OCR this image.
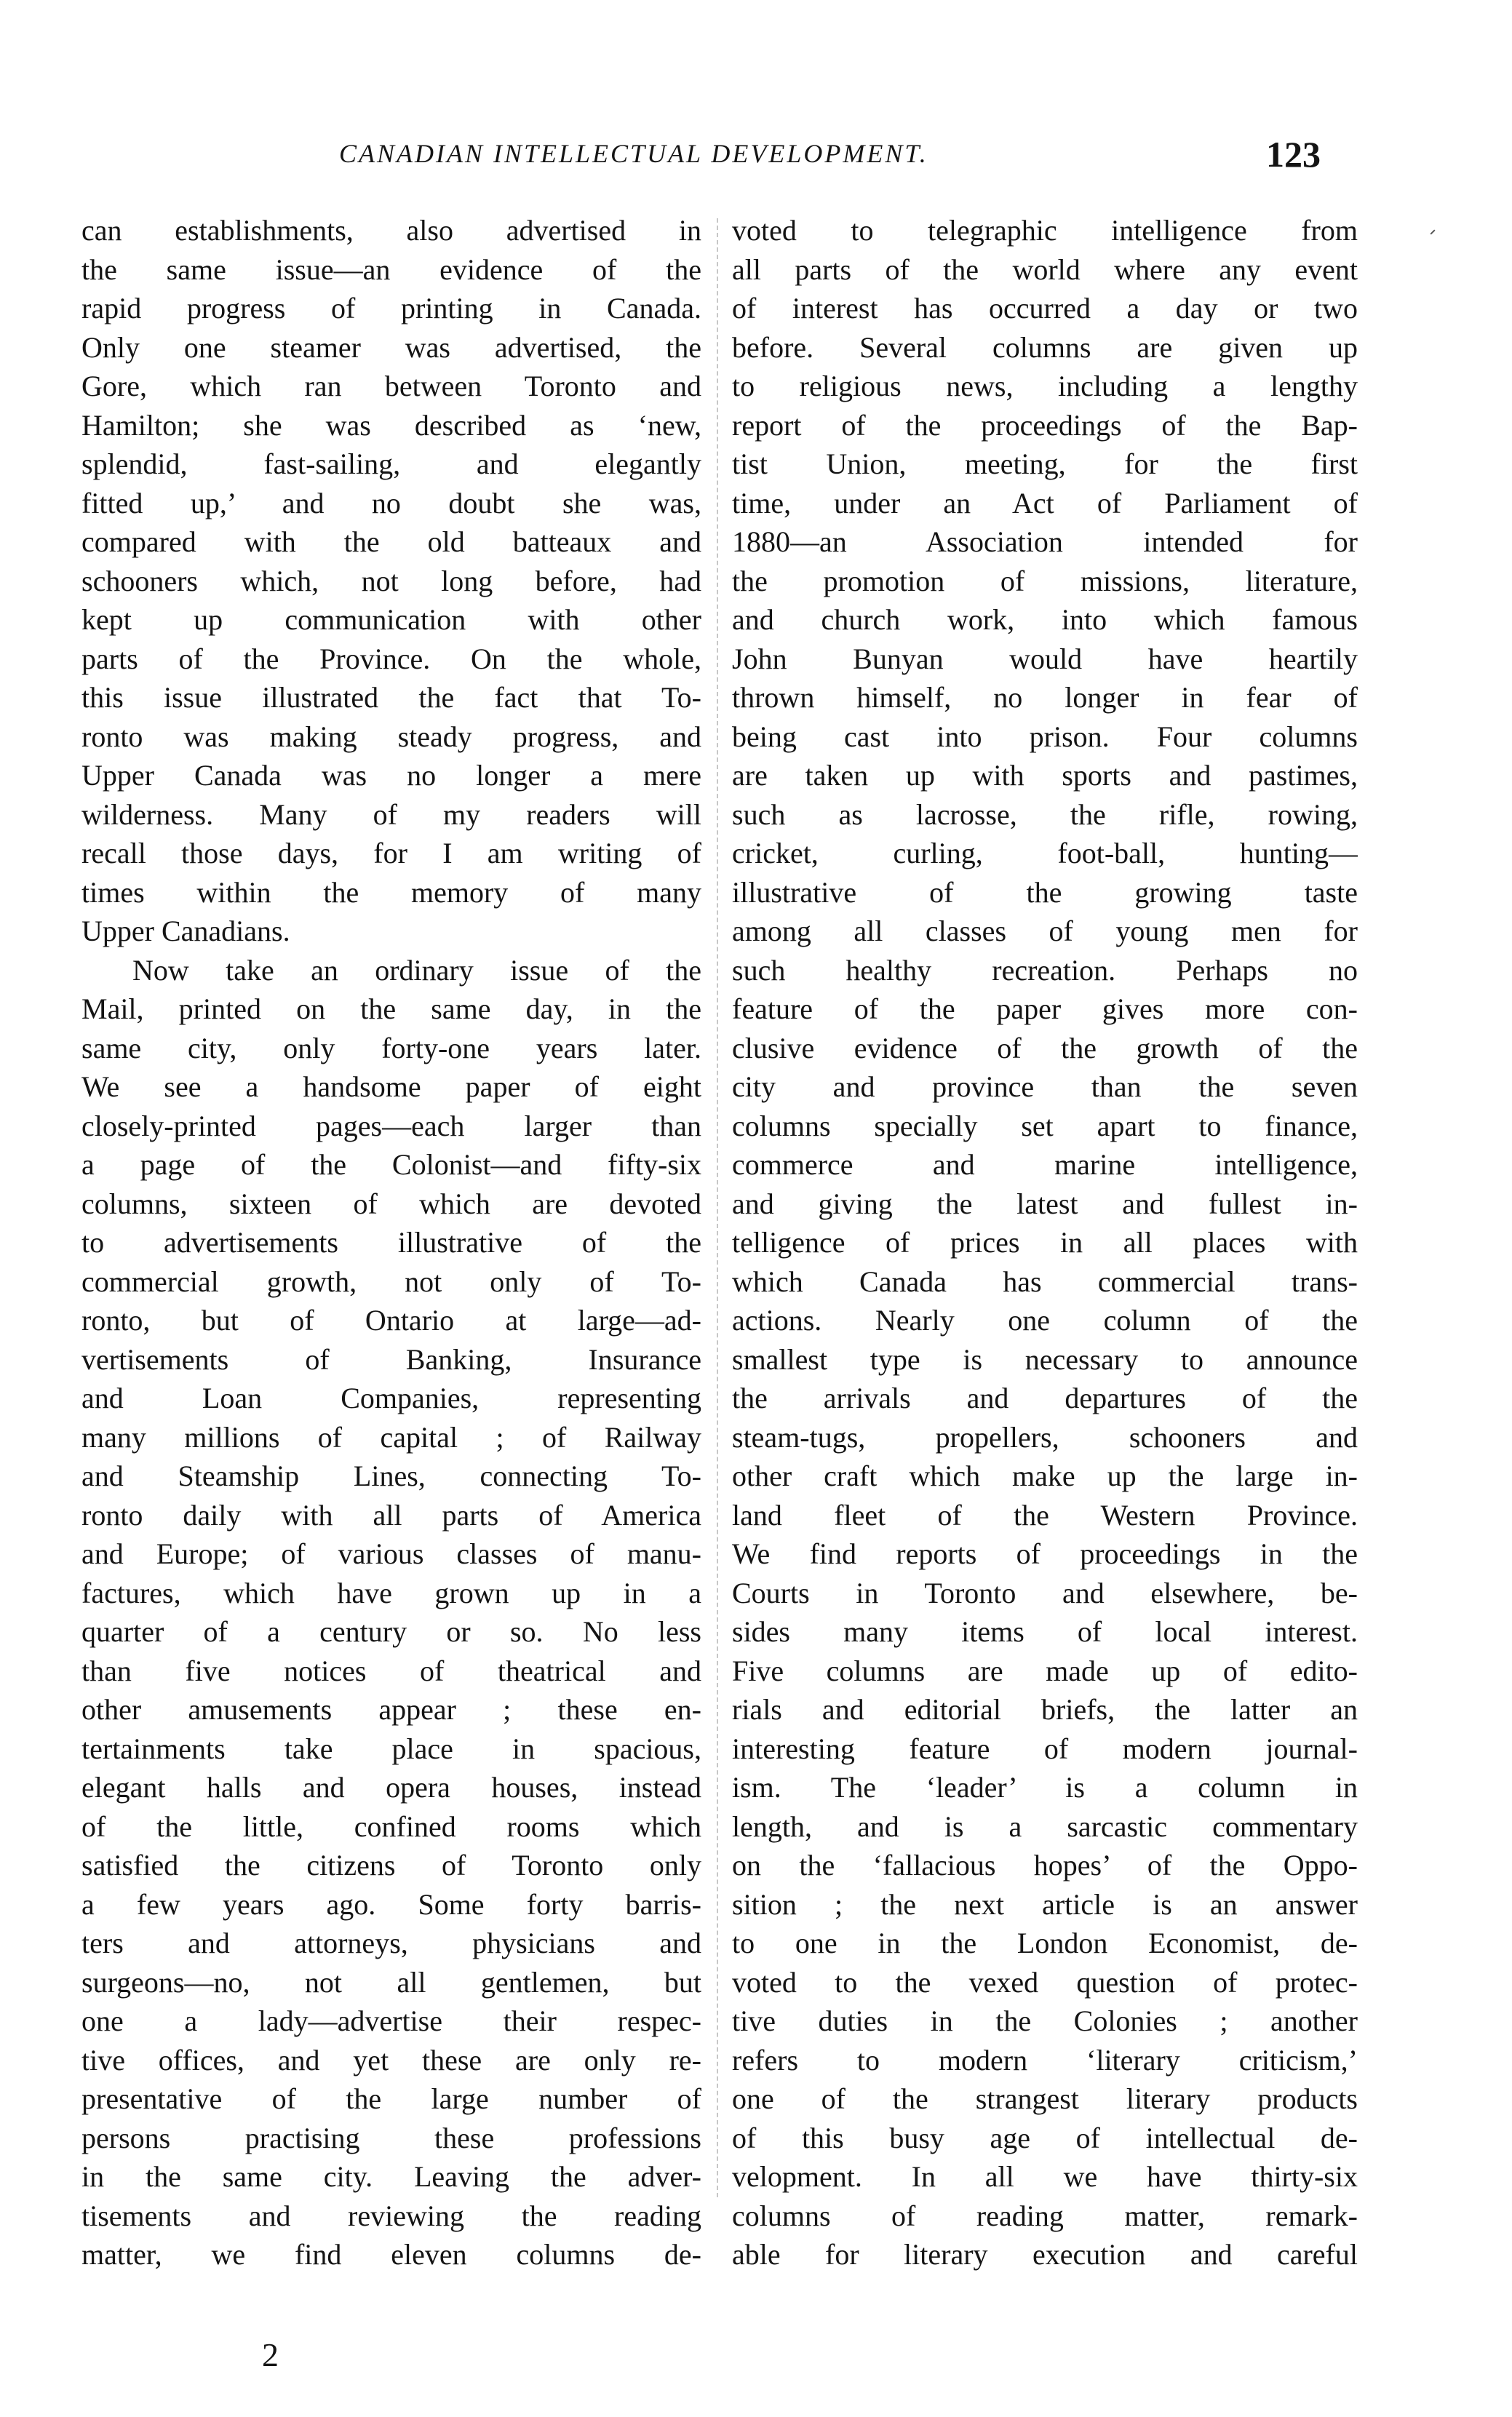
CANADIAN INTELLECTUAL DEVELOPMENT.	123
can establishments, also advertised in
the same issue—an evidence of the
rapid progress of printing in Canada.
Only one steamer was advertised, the
Gore, which ran between Toronto and
Hamilton; she was described as ‘new,
splendid, fast-sailing, and elegantly
fitted up,’ and no doubt she was,
compared with the old batteaux and
schooners which, not long before, had
kept up communication with other
parts of the Province. On the whole,
this issue illustrated the fact that To-
ronto was making steady progress, and
Upper Canada was no longer a mere
wilderness. Many of my readers will
recall those days, for I am writing of
times within the memory of many
Upper Canadians.
Now take an ordinary issue of the
Mail, printed on the same day, in the
same city, only forty-one years later.
We see a handsome paper of eight
closely-printed pages—each larger than
a page of the Colonist—and fifty-six
columns, sixteen of which are devoted
to advertisements illustrative of the
commercial growth, not only of To-
ronto, but of Ontario at large—ad-
vertisements of Banking, Insurance
and Loan Companies, representing
many millions of capital ; of Railway
and Steamship Lines, connecting To-
ronto daily with all parts of America
and Europe; of various classes of manu-
factures, which have grown up in a
quarter of a century or so. No less
than five notices of theatrical and
other amusements appear ; these en-
tertainments take place in spacious,
elegant halls and opera houses, instead
of the little, confined rooms which
satisfied the citizens of Toronto only
a few years ago. Some forty barris-
ters and attorneys, physicians and
surgeons—no, not all gentlemen, but
one a lady—advertise their respec-
tive offices, and yet these are only re-
presentative of the large number of
persons practising these professions
in the same city. Leaving the adver-
tisements and reviewing the reading
matter, we find eleven columns de-
voted to telegraphic intelligence from
all parts of the world where any event
of interest has occurred a day or two
before. Several columns are given up
to religious news, including a lengthy
report of the proceedings of the Bap-
tist Union, meeting, for the first
time, under an Act of Parliament of
1880—an Association intended for
the promotion of missions, literature,
and church work, into which famous
John Bunyan would have heartily
thrown himself, no longer in fear of
being cast into prison. Four columns
are taken up with sports and pastimes,
such as lacrosse, the rifle, rowing,
cricket, curling, foot-ball, hunting—
illustrative of the growing taste
among all classes of young men for
such healthy recreation. Perhaps no
feature of the paper gives more con-
clusive evidence of the growth of the
city and province than the seven
columns specially set apart to finance,
commerce and marine intelligence,
and giving the latest and fullest in-
telligence of prices in all places with
which Canada has commercial trans-
actions. Nearly one column of the
smallest type is necessary to announce
the arrivals and departures of the
steam-tugs, propellers, schooners and
other craft which make up the large in-
land fleet of the Western Province.
We find reports of proceedings in the
Courts in Toronto and elsewhere, be-
sides many items of local interest.
Five columns are made up of edito-
rials and editorial briefs, the latter an
interesting feature of modern journal-
ism. The ‘leader’ is a column in
length, and is a sarcastic commentary
on the ‘fallacious hopes’ of the Oppo-
sition ; the next article is an answer
to one in the London Economist, de-
voted to the vexed question of protec-
tive duties in the Colonies ; another
refers to modern ‘literary criticism,’
one of the strangest literary products
of this busy age of intellectual de-
velopment. In all we have thirty-six
columns of reading matter, remark-
able for literary execution and careful
2
